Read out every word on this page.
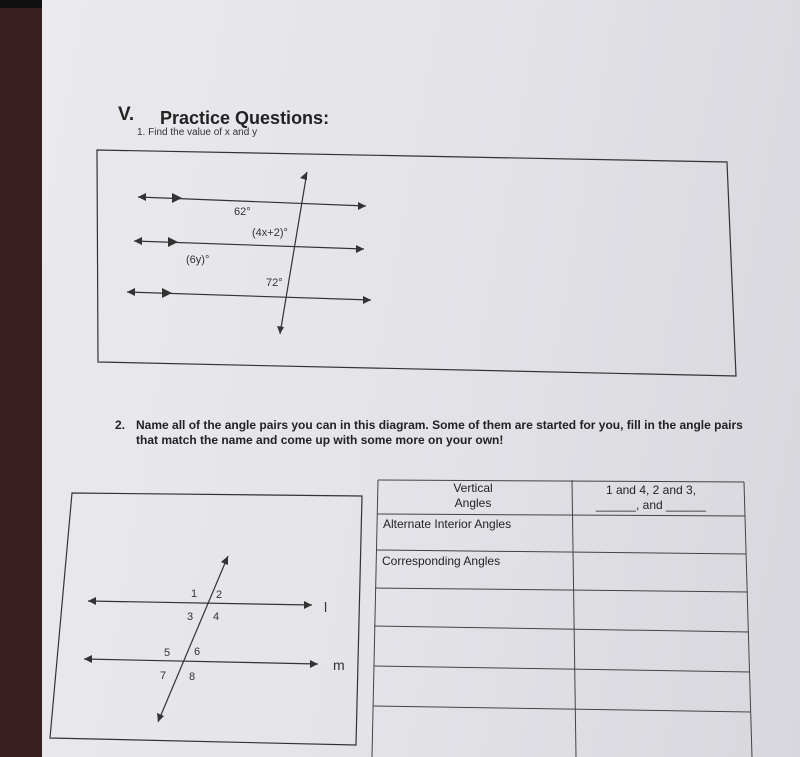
V. Practice Questions:
1. Find the value of x and y
62°
(4x+2)°
(6y)°
72°
2. Name all of the angle pairs you can in this diagram. Some of them are started for you, fill in the angle pairs that match the name and come up with some more on your own!
1 2
3 4
5 6
7 8
l
m
Vertical
Angles
1 and 4, 2 and 3,
______, and ______
Alternate Interior Angles
Corresponding Angles
